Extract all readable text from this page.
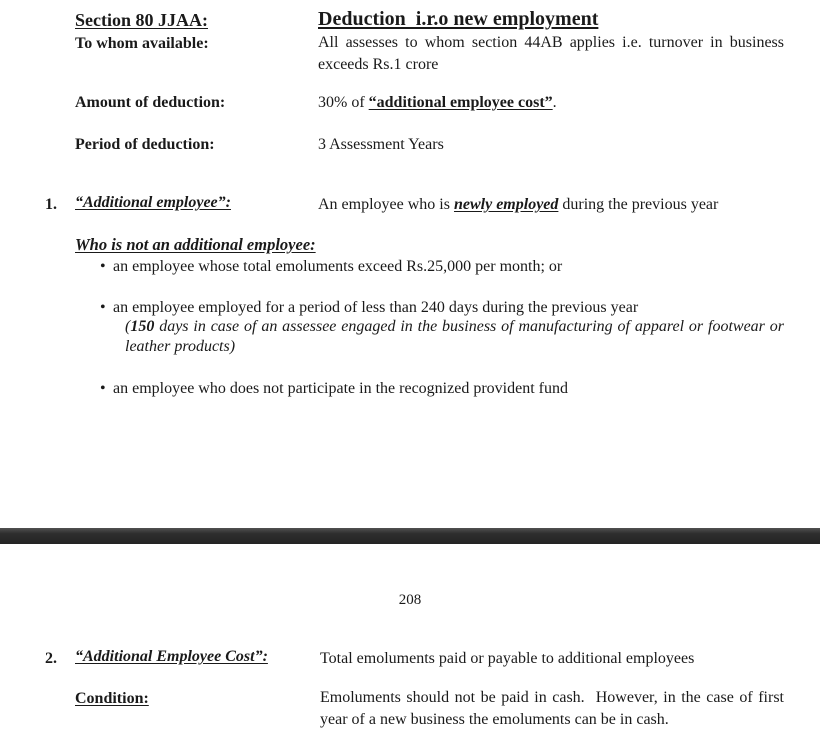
Section 80 JJAA:	Deduction  i.r.o new employment
To whom available:	All assesses to whom section 44AB applies i.e. turnover in business exceeds Rs.1 crore
Amount of deduction:	30% of “additional employee cost”.
Period of deduction:	3 Assessment Years
1. “Additional employee”:	An employee who is newly employed during the previous year
Who is not an additional employee:
• an employee whose total emoluments exceed Rs.25,000 per month; or
• an employee employed for a period of less than 240 days during the previous year
(150 days in case of an assessee engaged in the business of manufacturing of apparel or footwear or leather products)
• an employee who does not participate in the recognized provident fund
208
2. “Additional Employee Cost”:	Total emoluments paid or payable to additional employees
Condition:	Emoluments should not be paid in cash.  However, in the case of first year of a new business the emoluments can be in cash.
